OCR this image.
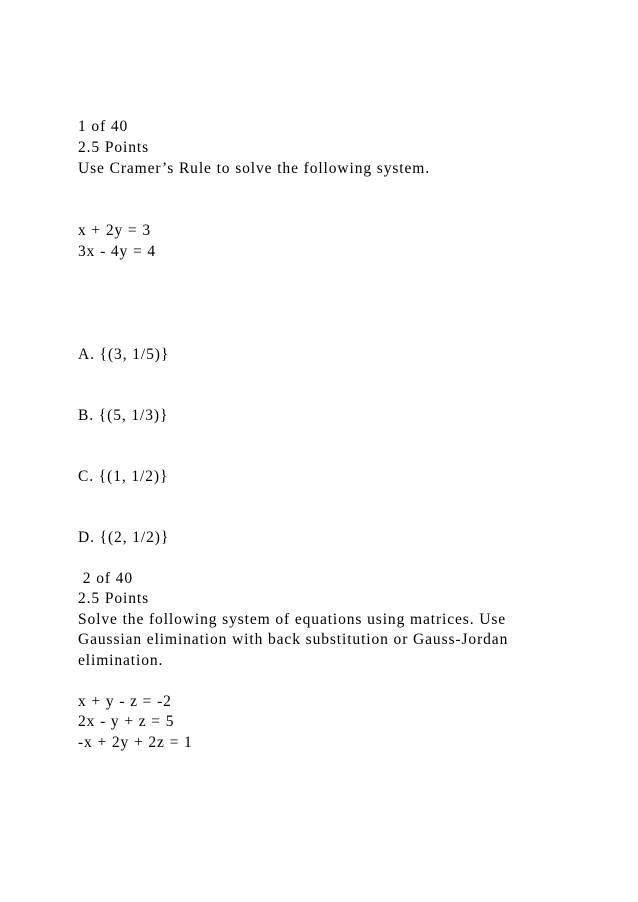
1 of 40
2.5 Points
Use Cramer’s Rule to solve the following system.
x + 2y = 3
3x - 4y = 4
A. {(3, 1/5)}
B. {(5, 1/3)}
C. {(1, 1/2)}
D. {(2, 1/2)}
2 of 40
2.5 Points
Solve the following system of equations using matrices. Use
Gaussian elimination with back substitution or Gauss-Jordan
elimination.
x + y - z = -2
2x - y + z = 5
-x + 2y + 2z = 1
